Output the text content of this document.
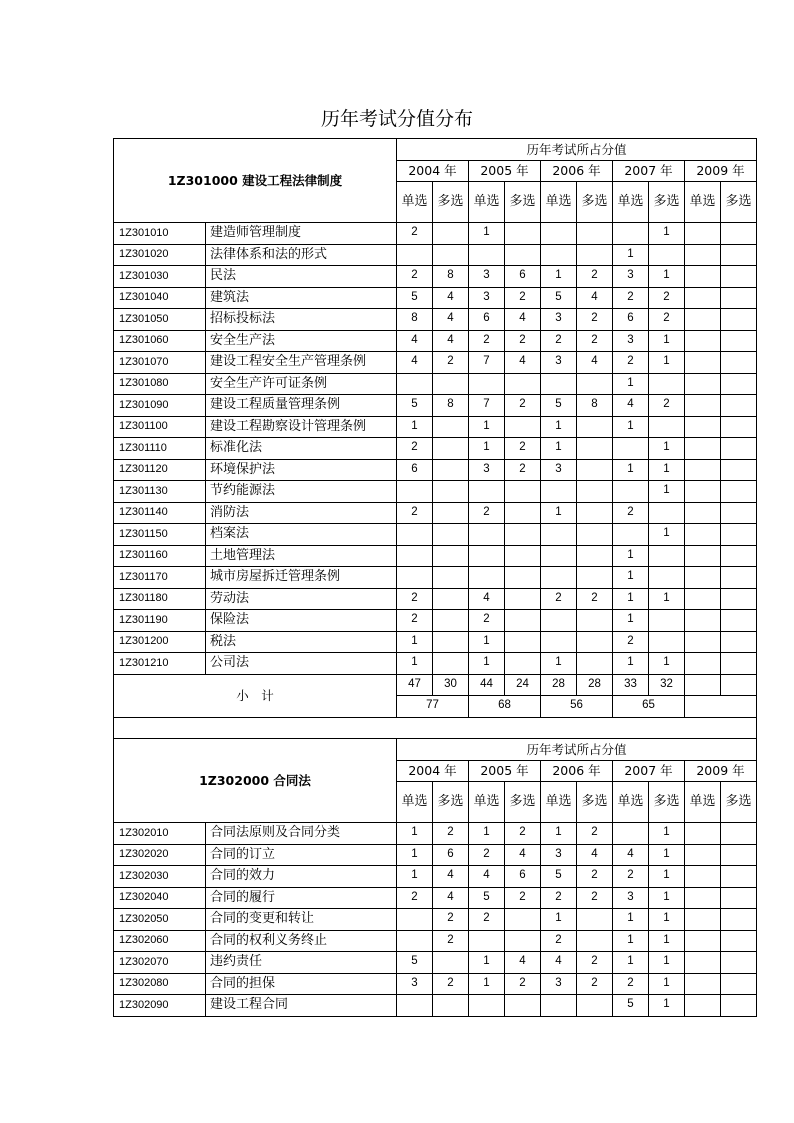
历年考试分值分布
1Z301000 建设工程法律制度		历年考试所占分值									
		2004 年		2005 年		2006 年		2007 年		2009 年	
		单选	多选	单选	多选	单选	多选	单选	多选	单选	多选
1Z301010	建造师管理制度	2		1					1		
1Z301020	法律体系和法的形式							1			
1Z301030	民法	2	8	3	6	1	2	3	1		
1Z301040	建筑法	5	4	3	2	5	4	2	2		
1Z301050	招标投标法	8	4	6	4	3	2	6	2		
1Z301060	安全生产法	4	4	2	2	2	2	3	1		
1Z301070	建设工程安全生产管理条例	4	2	7	4	3	4	2	1		
1Z301080	安全生产许可证条例							1			
1Z301090	建设工程质量管理条例	5	8	7	2	5	8	4	2		
1Z301100	建设工程勘察设计管理条例	1		1		1		1			
1Z301110	标准化法	2		1	2	1			1		
1Z301120	环境保护法	6		3	2	3		1	1		
1Z301130	节约能源法								1		
1Z301140	消防法	2		2		1		2			
1Z301150	档案法								1		
1Z301160	土地管理法							1			
1Z301170	城市房屋拆迁管理条例							1			
1Z301180	劳动法	2		4		2	2	1	1		
1Z301190	保险法	2		2				1			
1Z301200	税法	1		1				2			
1Z301210	公司法	1		1		1		1	1		
小　计		47	30	44	24	28	28	33	32		
		77		68		56		65			

1Z302000 合同法		历年考试所占分值									
		2004 年		2005 年		2006 年		2007 年		2009 年	
		单选	多选	单选	多选	单选	多选	单选	多选	单选	多选
1Z302010	合同法原则及合同分类	1	2	1	2	1	2		1		
1Z302020	合同的订立	1	6	2	4	3	4	4	1		
1Z302030	合同的效力	1	4	4	6	5	2	2	1		
1Z302040	合同的履行	2	4	5	2	2	2	3	1		
1Z302050	合同的变更和转让		2	2		1		1	1		
1Z302060	合同的权利义务终止		2			2		1	1		
1Z302070	违约责任	5		1	4	4	2	1	1		
1Z302080	合同的担保	3	2	1	2	3	2	2	1		
1Z302090	建设工程合同							5	1		
